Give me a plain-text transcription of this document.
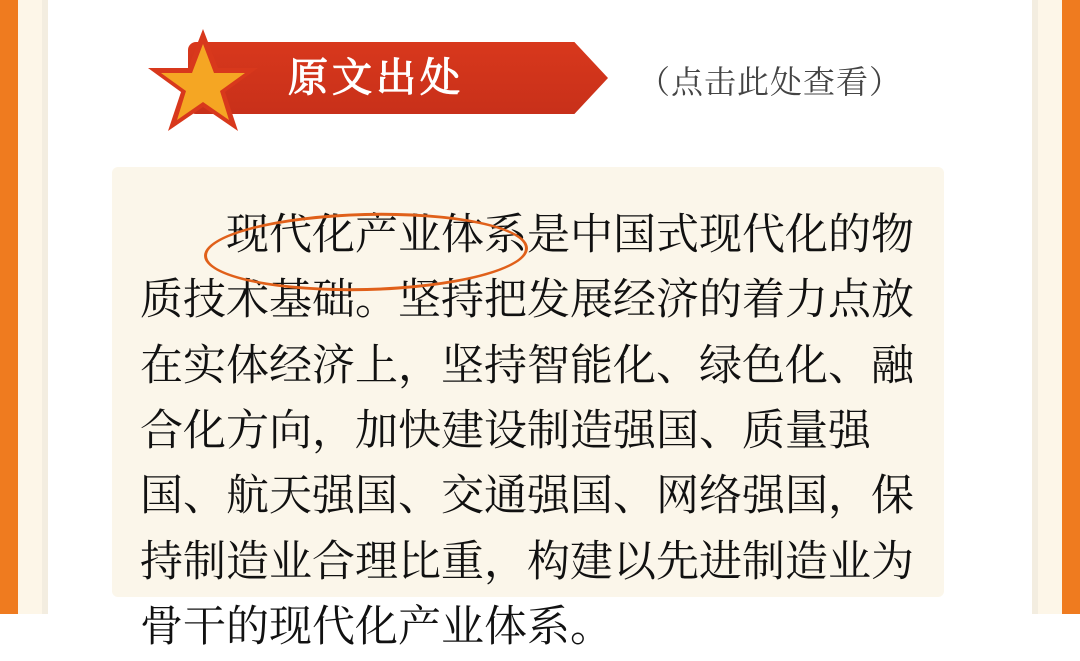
原文出处	（点击此处查看）
现代化产业体系是中国式现代化的物质技术基础。坚持把发展经济的着力点放在实体经济上，坚持智能化、绿色化、融合化方向，加快建设制造强国、质量强国、航天强国、交通强国、网络强国，保持制造业合理比重，构建以先进制造业为骨干的现代化产业体系。
